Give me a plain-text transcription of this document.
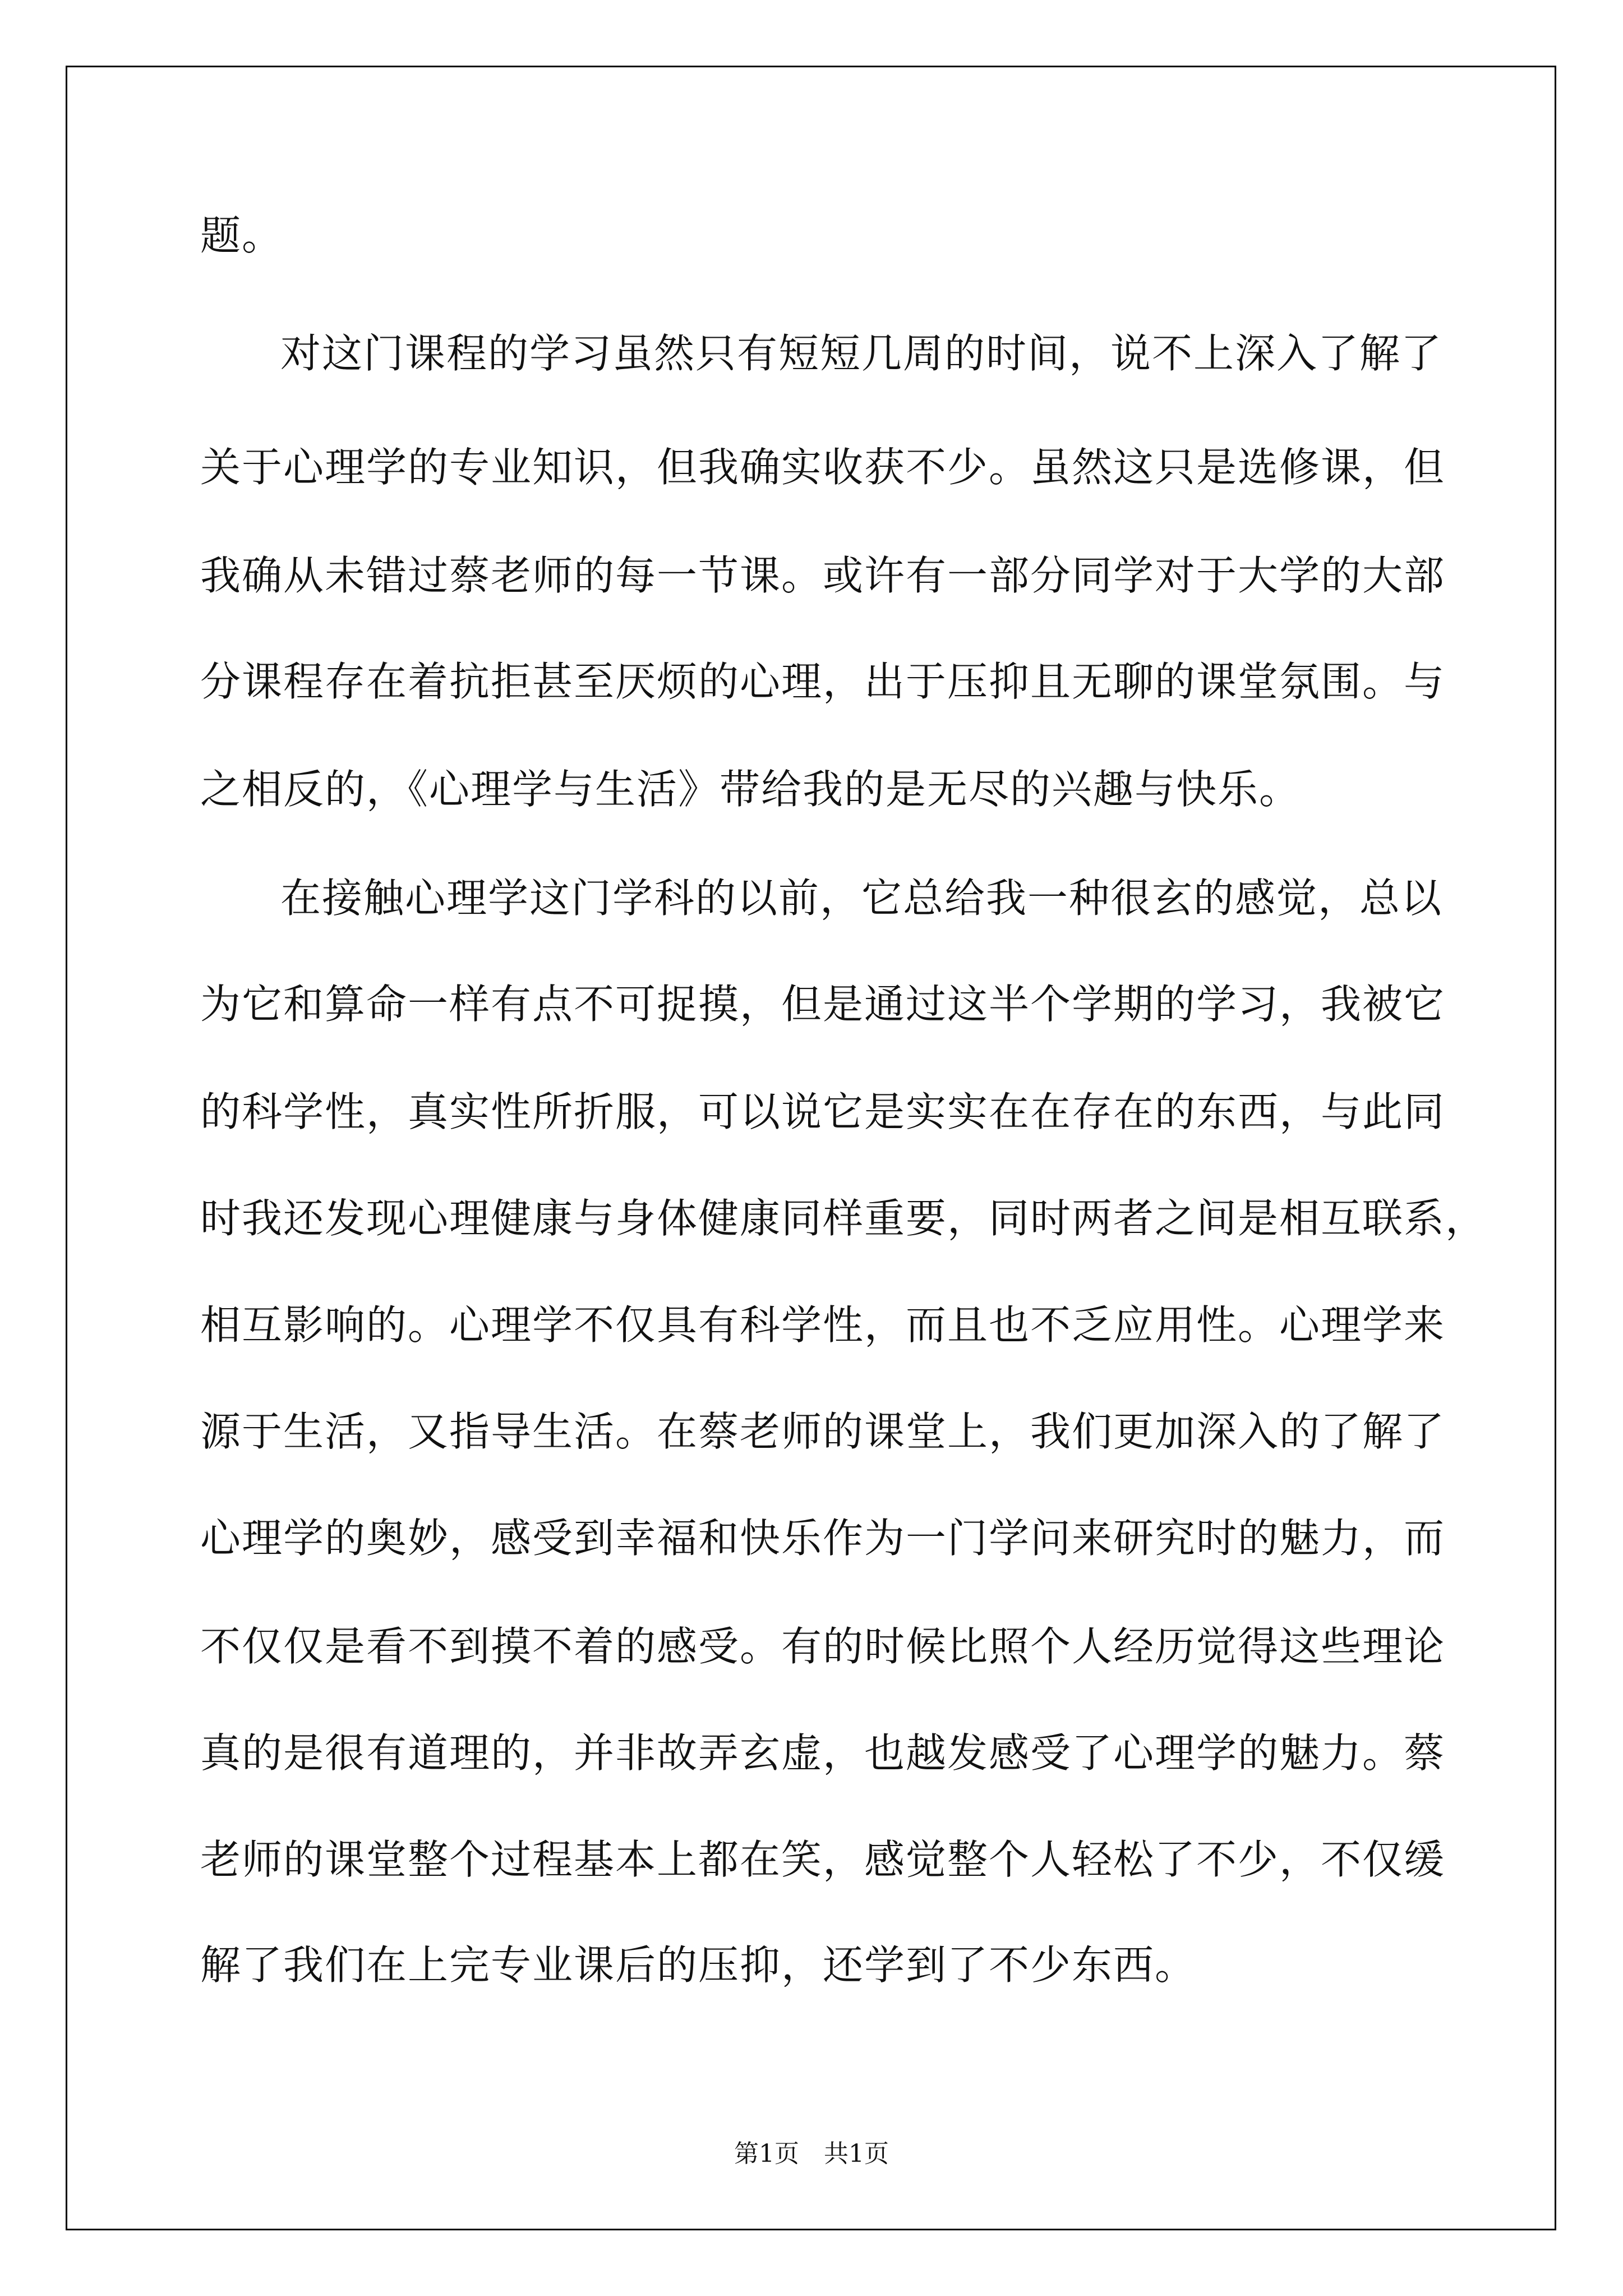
题。
对这门课程的学习虽然只有短短几周的时间，说不上深入了解了
关于心理学的专业知识，但我确实收获不少。虽然这只是选修课，但
我确从未错过蔡老师的每一节课。或许有一部分同学对于大学的大部
分课程存在着抗拒甚至厌烦的心理，出于压抑且无聊的课堂氛围。与
之相反的，《心理学与生活》带给我的是无尽的兴趣与快乐。
在接触心理学这门学科的以前，它总给我一种很玄的感觉，总以
为它和算命一样有点不可捉摸，但是通过这半个学期的学习，我被它
的科学性，真实性所折服，可以说它是实实在在存在的东西，与此同
时我还发现心理健康与身体健康同样重要，同时两者之间是相互联系，
相互影响的。心理学不仅具有科学性，而且也不乏应用性。心理学来
源于生活，又指导生活。在蔡老师的课堂上，我们更加深入的了解了
心理学的奥妙，感受到幸福和快乐作为一门学问来研究时的魅力，而
不仅仅是看不到摸不着的感受。有的时候比照个人经历觉得这些理论
真的是很有道理的，并非故弄玄虚，也越发感受了心理学的魅力。蔡
老师的课堂整个过程基本上都在笑，感觉整个人轻松了不少，不仅缓
解了我们在上完专业课后的压抑，还学到了不少东西。
第1页　共1页
